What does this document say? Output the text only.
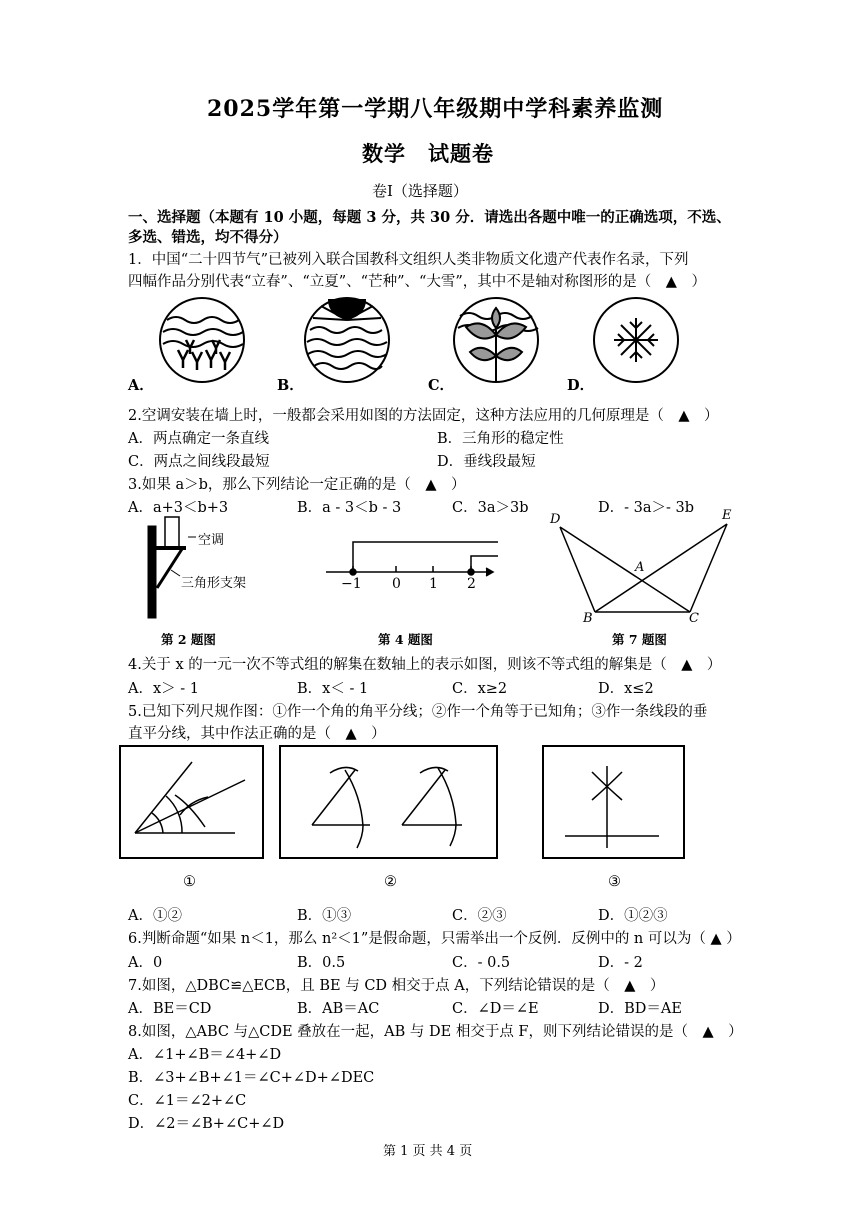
2025学年第一学期八年级期中学科素养监测
数学　试题卷
卷Ⅰ（选择题）
一、选择题（本题有 10 小题，每题 3 分，共 30 分．请选出各题中唯一的正确选项，不选、
多选、错选，均不得分）
1．中国“二十四节气”已被列入联合国教科文组织人类非物质文化遗产代表作名录，下列
四幅作品分别代表“立春”、“立夏”、“芒种”、“大雪”，其中不是轴对称图形的是（　▲　）
A．	B．	C．	D．
2.空调安装在墙上时，一般都会采用如图的方法固定，这种方法应用的几何原理是（　▲　）
A．两点确定一条直线	B．三角形的稳定性
C．两点之间线段最短	D．垂线段最短
3.如果 a＞b，那么下列结论一定正确的是（　▲　）
A．a+3＜b+3	B．a - 3＜b - 3	C．3a＞3b	D．- 3a＞- 3b
空调
三角形支架
第 2 题图
−1 0 1 2
第 4 题图
D	E
A
B	C
第 7 题图
4.关于 x 的一元一次不等式组的解集在数轴上的表示如图，则该不等式组的解集是（　▲　）
A．x＞ - 1	B．x＜ - 1	C．x≥2	D．x≤2
5.已知下列尺规作图：①作一个角的角平分线；②作一个角等于已知角；③作一条线段的垂
直平分线，其中作法正确的是（　▲　）
①	②	③
A．①②	B．①③	C．②③	D．①②③
6.判断命题“如果 n＜1，那么 n²＜1”是假命题，只需举出一个反例．反例中的 n 可以为（ ▲ ）
A．0	B．0.5	C．- 0.5	D．- 2
7.如图，△DBC≌△ECB，且 BE 与 CD 相交于点 A，下列结论错误的是（　▲　）
A．BE＝CD	B．AB＝AC	C．∠D＝∠E	D．BD＝AE
8.如图，△ABC 与△CDE 叠放在一起，AB 与 DE 相交于点 F，则下列结论错误的是（　▲　）
A．∠1+∠B＝∠4+∠D
B．∠3+∠B+∠1＝∠C+∠D+∠DEC
C．∠1＝∠2+∠C
D．∠2＝∠B+∠C+∠D
第 1 页 共 4 页
